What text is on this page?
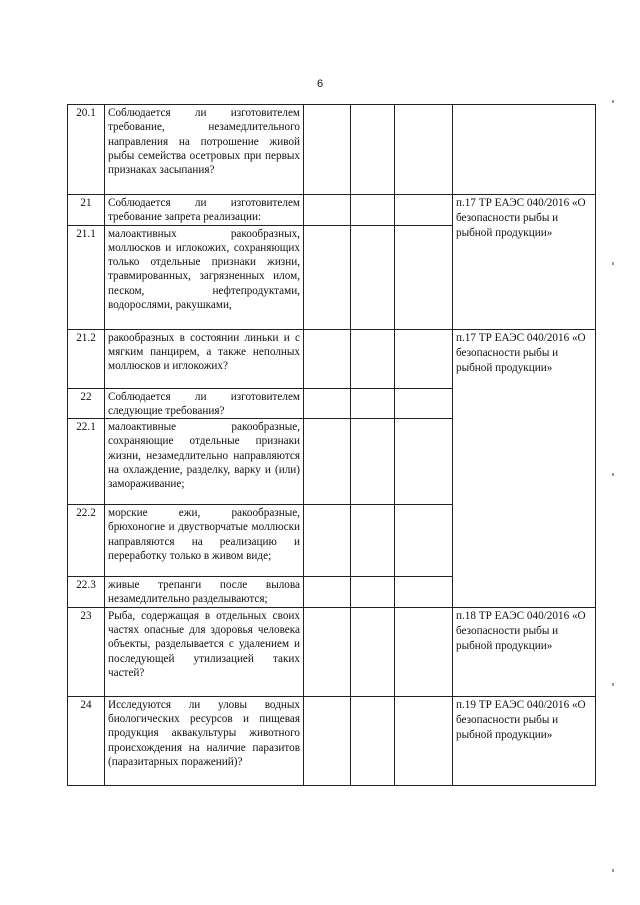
6
20.1	Соблюдается ли изготовителем требование, незамедлительного направления на потрошение живой рыбы семейства осетровых при первых признаках засыпания?				
21	Соблюдается ли изготовителем требование запрета реализации:				п.17 ТР ЕАЭС 040/2016 «О безопасности рыбы и рыбной продукции»

21.1	малоактивных ракообразных, моллюсков и иглокожих, сохраняющих только отдельные признаки жизни, травмированных, загрязненных илом, песком, нефтепродуктами, водорослями, ракушками,				
21.2	ракообразных в состоянии линьки и с мягким панцирем, а также неполных моллюсков и иглокожих?				п.17 ТР ЕАЭС 040/2016 «О безопасности рыбы и рыбной продукции»

22	Соблюдается ли изготовителем следующие требования?				
22.1	малоактивные ракообразные, сохраняющие отдельные признаки жизни, незамедлительно направляются на охлаждение, разделку, варку и (или) замораживание;				
22.2	морские ежи, ракообразные, брюхоногие и двустворчатые моллюски направляются на реализацию и переработку только в живом виде;				
22.3	живые трепанги после вылова незамедлительно разделываются;				
23	Рыба, содержащая в отдельных своих частях опасные для здоровья человека объекты, разделывается с удалением и последующей утилизацией таких частей?				п.18 ТР ЕАЭС 040/2016 «О безопасности рыбы и рыбной продукции»
24	Исследуются ли уловы водных биологических ресурсов и пищевая продукция аквакультуры животного происхождения на наличие паразитов (паразитарных поражений)?				п.19 ТР ЕАЭС 040/2016 «О безопасности рыбы и рыбной продукции»
